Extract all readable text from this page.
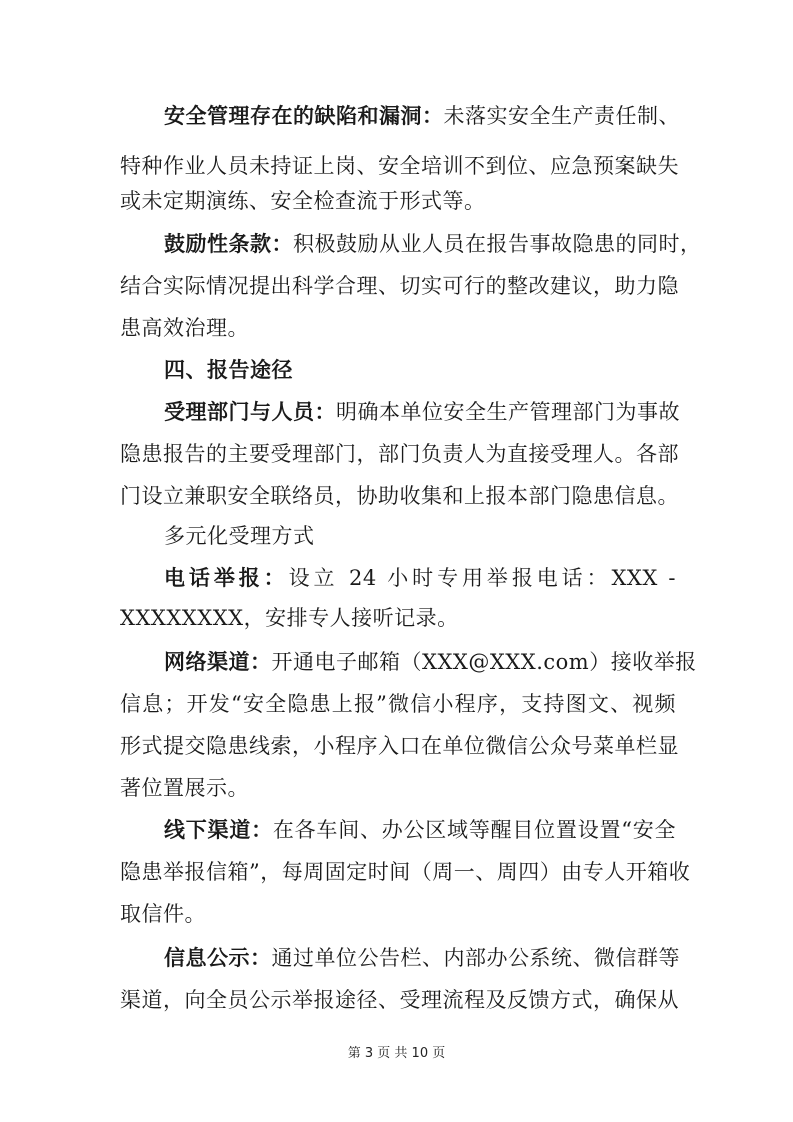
安全管理存在的缺陷和漏洞：未落实安全生产责任制、
特种作业人员未持证上岗、安全培训不到位、应急预案缺失
或未定期演练、安全检查流于形式等。
鼓励性条款：积极鼓励从业人员在报告事故隐患的同时，
结合实际情况提出科学合理、切实可行的整改建议，助力隐
患高效治理。
四、报告途径
受理部门与人员：明确本单位安全生产管理部门为事故
隐患报告的主要受理部门，部门负责人为直接受理人。各部
门设立兼职安全联络员，协助收集和上报本部门隐患信息。
多元化受理方式
电话举报：设立 24 小时专用举报电话：XXX -
XXXXXXXX，安排专人接听记录。
网络渠道：开通电子邮箱（XXX@XXX.com）接收举报
信息；开发“安全隐患上报”微信小程序，支持图文、视频
形式提交隐患线索，小程序入口在单位微信公众号菜单栏显
著位置展示。
线下渠道：在各车间、办公区域等醒目位置设置“安全
隐患举报信箱”，每周固定时间（周一、周四）由专人开箱收
取信件。
信息公示：通过单位公告栏、内部办公系统、微信群等
渠道，向全员公示举报途径、受理流程及反馈方式，确保从
第 3 页 共 10 页
